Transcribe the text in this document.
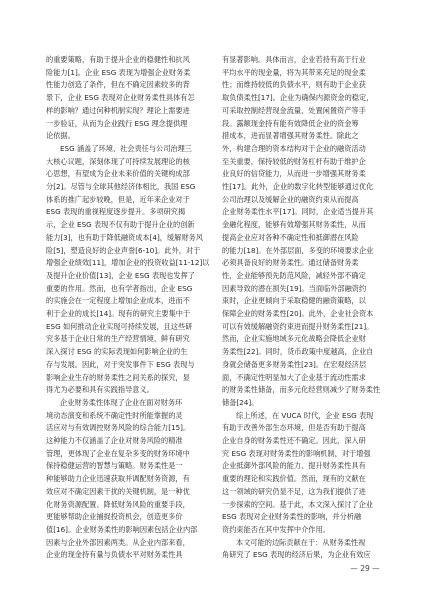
的重要策略，有助于提升企业的稳健性和抗风
险能力[1]。企业 ESG 表现为增强企业财务柔
性能力创造了条件，但在不确定因素较多的背
景下，企业 ESG 表现对企业财务柔性具体有怎
样的影响？通过何种机制实现？理论上需要进
一步验证，从而为企业践行 ESG 理念提供理
论依据。
ESG 涵盖了环境、社会责任与公司治理三
大核心议题，深刻体现了可持续发展理论的核
心思想，有望成为企业未来价值的关键构成部
分[2]。尽管与全球其他经济体相比，我国 ESG
体系的推广起步较晚，但是，近年来企业对于
ESG 表现的重视程度逐步提升。多项研究揭
示，企业 ESG 表现不仅有助于提升企业的创新
能力[3]，也有助于降低融资成本[4]，缓解财务风
险[5]，塑造良好的企业声誉[6-10]。此外，对于
增强企业绩效[11]，增加企业的投资收益[11-12]以
及提升企业价值[13]，企业 ESG 表现也发挥了
重要的作用。然而，也有学者指出，企业 ESG
的实施会在一定程度上增加企业成本，进而不
利于企业的成长[14]。现有的研究主要集中于
ESG 如何推动企业实现可持续发展，且这些研
究多基于企业日常的生产经营情境，鲜有研究
深入探讨 ESG 的实际表现如何影响企业的生
存与发展。因此，对于突发事件下 ESG 表现与
影响企业生存的财务柔性之间关系的探究，显
得尤为必要和具有实践指导意义。
企业财务柔性体现了企业在面对财务环
境动态演变和系统不确定性时所能掌握的灵
活应对与有效调控财务风险的综合能力[15]。
这种能力不仅涵盖了企业对财务风险的精准
管理，更体现了企业在复杂多变的财务环境中
保持稳健运营的智慧与策略。财务柔性是一
种能够助力企业迅速获取并调配财务资源，有
效应对不确定因素干扰的关键机制，是一种优
化财务资源配置、降低财务风险的重要手段，
更能够帮助企业捕捉投资机会，创造更多价
值[16]。企业财务柔性的影响因素包括企业内部
因素与企业外部因素两类。从企业内部来看，
企业的现金持有量与负债水平对财务柔性具
有显著影响。具体而言，企业若持有高于行业
平均水平的现金量，将为其带来充足的现金柔
性；而维持较低的负债水平，则有助于企业获
取负债柔性[17]。企业为确保内源资金的稳定，
可采取控制经营现金流量、处置闲置资产等手
段。露额现金持有能有效降低企业的资金筹
措成本，进而显著增强其财务柔性。除此之
外，构建合理的资本结构对于企业的融资活动
至关重要，保持较低的财务杠杆有助于维护企
业良好的信贷能力，从而进一步增强其财务柔
性[17]。此外，企业的数字化转型能够通过优化
公司治理以及缓解企业的融资约束从而提高
企业财务柔性水平[17]。同时，企业适当提升其
金融化程度，能够有效增强其财务柔性，从而
提高企业应对各种不确定性和抵御潜在风险
的能力[18]。在外部层面，多变的环境要求企业
必须具备良好的财务柔性。通过储备财务柔
性，企业能够预先防范风险，减轻外部不确定
因素导致的潜在损失[19]。当面临外部融资约
束时，企业更倾向于采取稳健的融资策略，以
保障企业的财务柔性[20]。此外，企业社会资本
可以有效缓解融资约束进而提升财务柔性[21]。
然而，企业实施地域多元化战略会降低企业财
务柔性[22]。同时，货币政策中度越高，企业自
身就会储备更多财务柔性[23]。在宏观经济层
面，不确定性明显加大了企业基于流动性需求
的财务柔性储备，而多元化经营则减少了财务柔性
储备[24]。
综上所述，在 VUCA 时代，企业 ESG 表现
有助于改善外部生态环境，但是否有助于提高
企业自身的财务柔性还不确定。因此，深入研
究 ESG 表现对财务柔性的影响机制，对于增强
企业抵御外部风险的能力、提升财务柔性具有
重要的理论和实践价值。然而，现有的文献在
这一领域的研究仍显不足，这为我们提供了进
一步探索的空间。基于此，本文深入探讨了企业
ESG 表现对企业财务柔性的影响，并分析融
资约束能否在其中发挥中介作用。
本文可能的边际贡献在于：从财务柔性视
角研究了 ESG 表现的经济后果，为企业有效应
— 29 —
